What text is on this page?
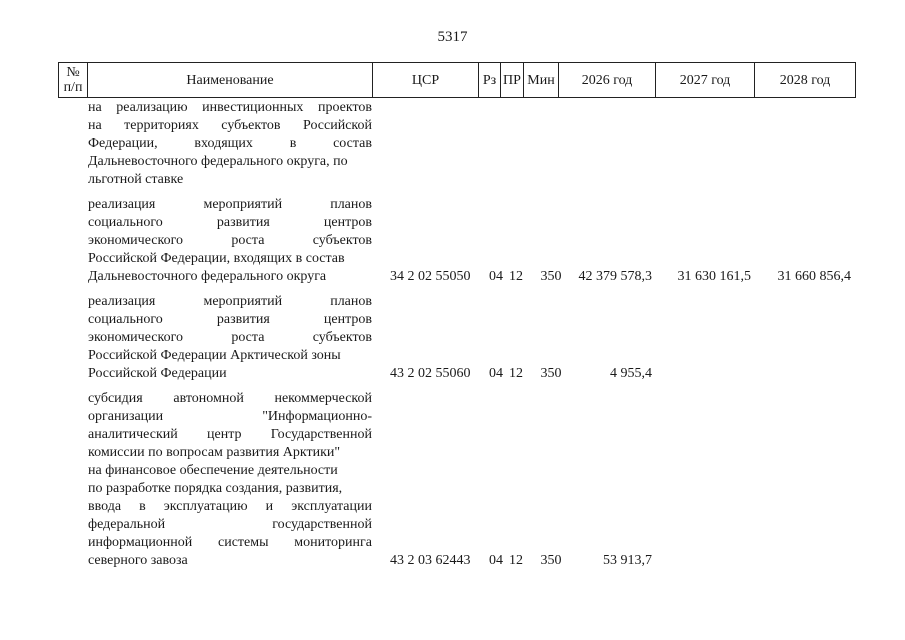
5317
№ п/п	Наименование	ЦСР	Рз ПР Мин	2026 год	2027 год	2028 год
на реализацию инвестиционных проектов
на территориях субъектов Российской
Федерации, входящих в состав
Дальневосточного федерального округа, по
льготной ставке
реализация мероприятий планов
социального развития центров
экономического роста субъектов
Российской Федерации, входящих в состав
Дальневосточного федерального округа	34 2 02 55050	04 12 350	42 379 578,3	31 630 161,5	31 660 856,4
реализация мероприятий планов
социального развития центров
экономического роста субъектов
Российской Федерации Арктической зоны
Российской Федерации	43 2 02 55060	04 12 350	4 955,4
субсидия автономной некоммерческой
организации "Информационно-
аналитический центр Государственной
комиссии по вопросам развития Арктики"
на финансовое обеспечение деятельности
по разработке порядка создания, развития,
ввода в эксплуатацию и эксплуатации
федеральной государственной
информационной системы мониторинга
северного завоза	43 2 03 62443	04 12 350	53 913,7
